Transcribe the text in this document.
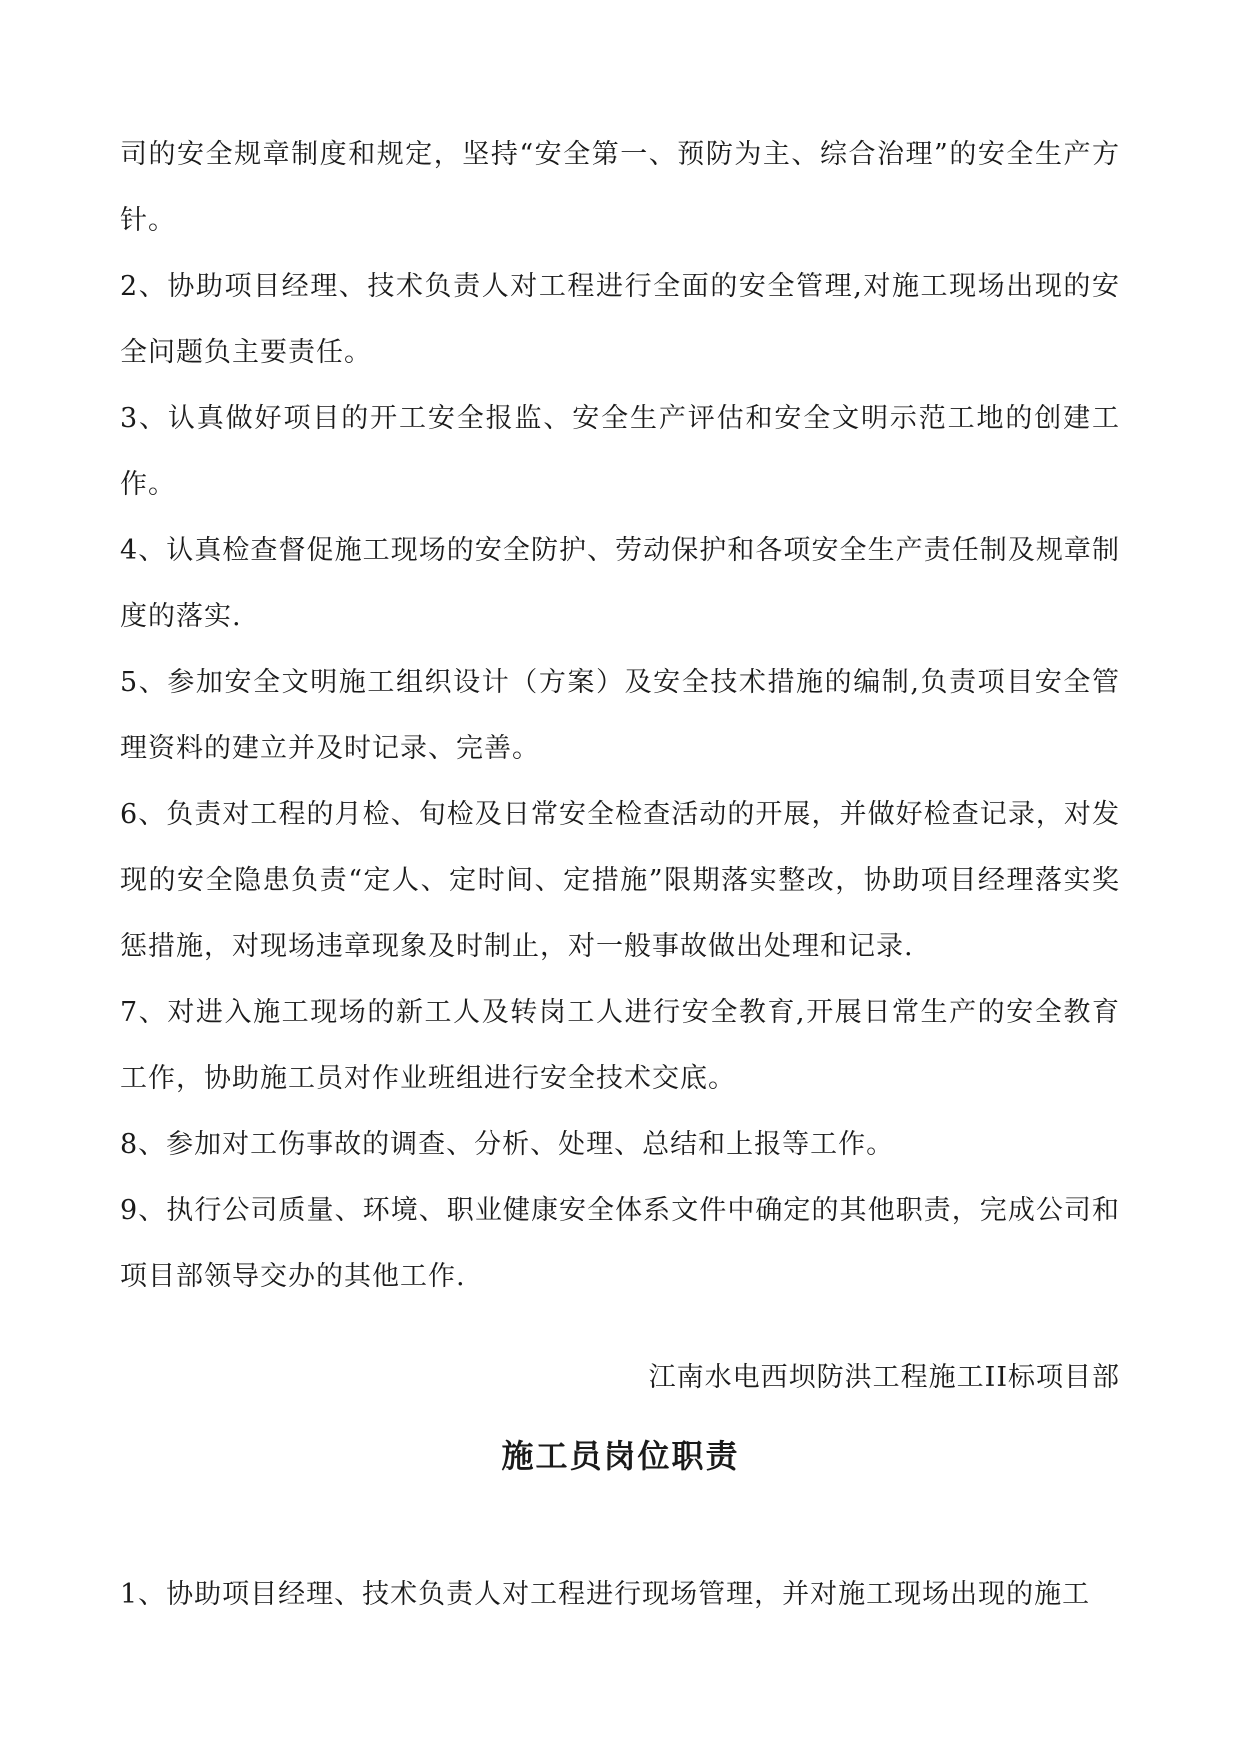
司的安全规章制度和规定，坚持“安全第一、预防为主、综合治理”的安全生产方针。

2、协助项目经理、技术负责人对工程进行全面的安全管理,对施工现场出现的安全问题负主要责任。

3、认真做好项目的开工安全报监、安全生产评估和安全文明示范工地的创建工作。

4、认真检查督促施工现场的安全防护、劳动保护和各项安全生产责任制及规章制度的落实.

5、参加安全文明施工组织设计（方案）及安全技术措施的编制,负责项目安全管理资料的建立并及时记录、完善。

6、负责对工程的月检、旬检及日常安全检查活动的开展，并做好检查记录，对发现的安全隐患负责“定人、定时间、定措施”限期落实整改，协助项目经理落实奖惩措施，对现场违章现象及时制止，对一般事故做出处理和记录.

7、对进入施工现场的新工人及转岗工人进行安全教育,开展日常生产的安全教育工作，协助施工员对作业班组进行安全技术交底。

8、参加对工伤事故的调查、分析、处理、总结和上报等工作。

9、执行公司质量、环境、职业健康安全体系文件中确定的其他职责，完成公司和项目部领导交办的其他工作.

江南水电西坝防洪工程施工II标项目部

施工员岗位职责

1、协助项目经理、技术负责人对工程进行现场管理，并对施工现场出现的施工
